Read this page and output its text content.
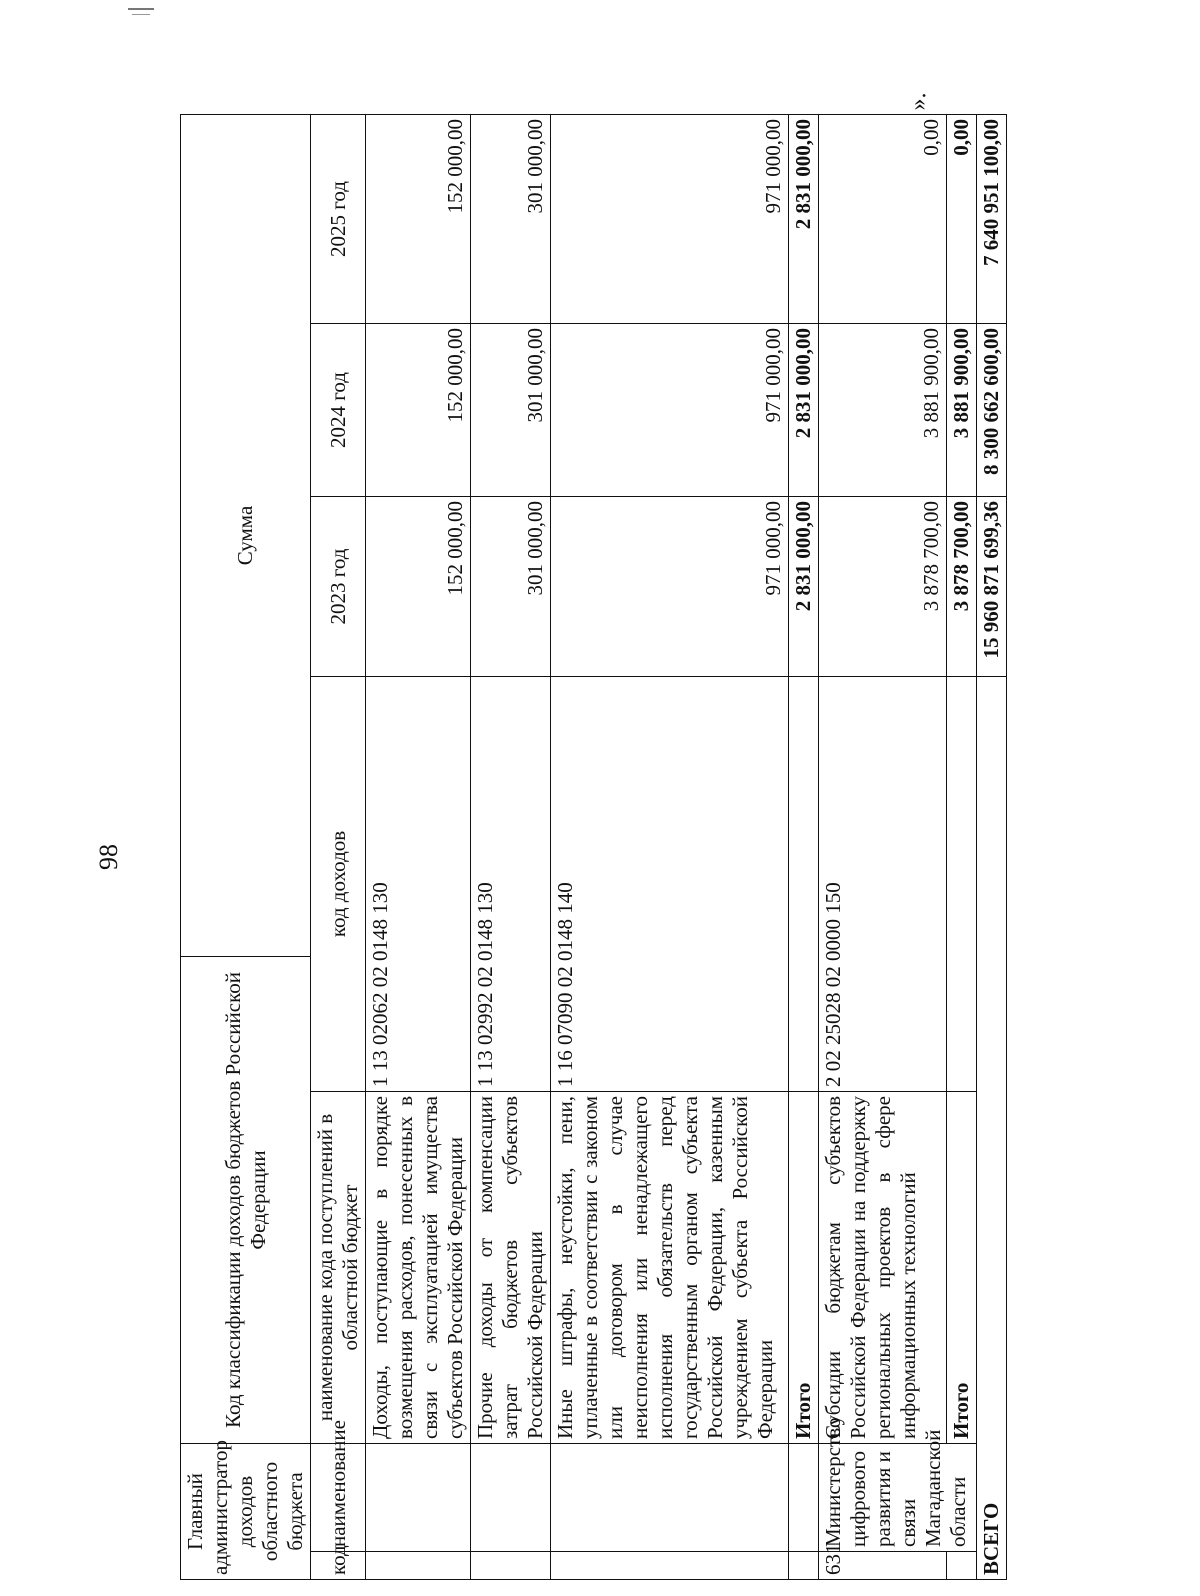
98
».
Главный администратор доходов областного бюджета		Код классификации доходов бюджетов Российской Федерации		Сумма			
код	наименование	наименование кода поступлений в областной бюджет	код доходов		2023 год	2024 год	2025 год
		Доходы, поступающие в порядке возмещения расходов, понесенных в связи с эксплуатацией имущества субъектов Российской Федерации	1 13 02062 02 0148 130		152 000,00	152 000,00	152 000,00
		Прочие доходы от компенсации затрат бюджетов субъектов Российской Федерации	1 13 02992 02 0148 130		301 000,00	301 000,00	301 000,00
		Иные штрафы, неустойки, пени, уплаченные в соответствии с законом или договором в случае неисполнения или ненадлежащего исполнения обязательств перед государственным органом субъекта Российской Федерации, казенным учреждением субъекта Российской Федерации	1 16 07090 02 0148 140		971 000,00	971 000,00	971 000,00
		Итого			2 831 000,00	2 831 000,00	2 831 000,00
631	Министерство цифрового развития и связи Магаданской области	Субсидии бюджетам субъектов Российской Федерации на поддержку региональных проектов в сфере информационных технологий	2 02 25028 02 0000 150		3 878 700,00	3 881 900,00	0,00
		Итого			3 878 700,00	3 881 900,00	0,00
ВСЕГО					15 960 871 699,36	8 300 662 600,00	7 640 951 100,00
